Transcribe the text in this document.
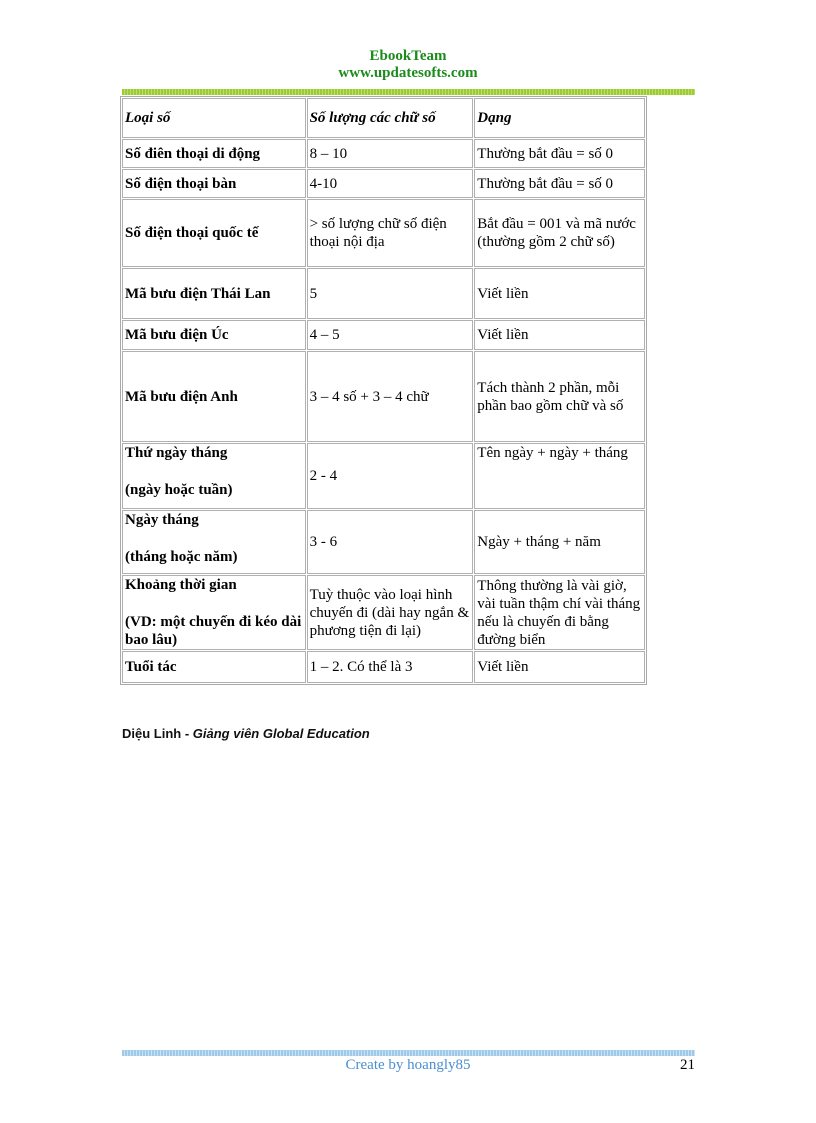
EbookTeam
www.updatesofts.com
Loại số	Số lượng các chữ số	Dạng
Số điên thoại di động	8 – 10	Thường bắt đầu = số 0
Số điện thoại bàn	4-10	Thường bắt đầu = số 0
Số điện thoại quốc tế	> số lượng chữ số điện thoại nội địa	Bắt đầu = 001 và mã nước (thường gồm 2 chữ số)
Mã bưu điện Thái Lan	5	Viết liền
Mã bưu điện Úc	4 – 5	Viết liền
Mã bưu điện Anh	3 – 4 số + 3 – 4 chữ	Tách thành 2 phần, mỗi phần bao gồm chữ và số

Thứ ngày tháng
(ngày hoặc tuần)	2 - 4	Tên ngày + ngày + tháng

Ngày tháng
(tháng hoặc năm)	3 - 6	Ngày + tháng + năm

Khoảng thời gian
(VD: một chuyến đi kéo dài bao lâu)	Tuỳ thuộc vào loại hình chuyến đi (dài hay ngắn & phương tiện đi lại)	Thông thường là vài giờ, vài tuần thậm chí vài tháng nếu là chuyến đi bằng đường biển
Tuổi tác	1 – 2. Có thể là 3	Viết liền
Diệu Linh - Giảng viên Global Education
Create by hoangly85	21
